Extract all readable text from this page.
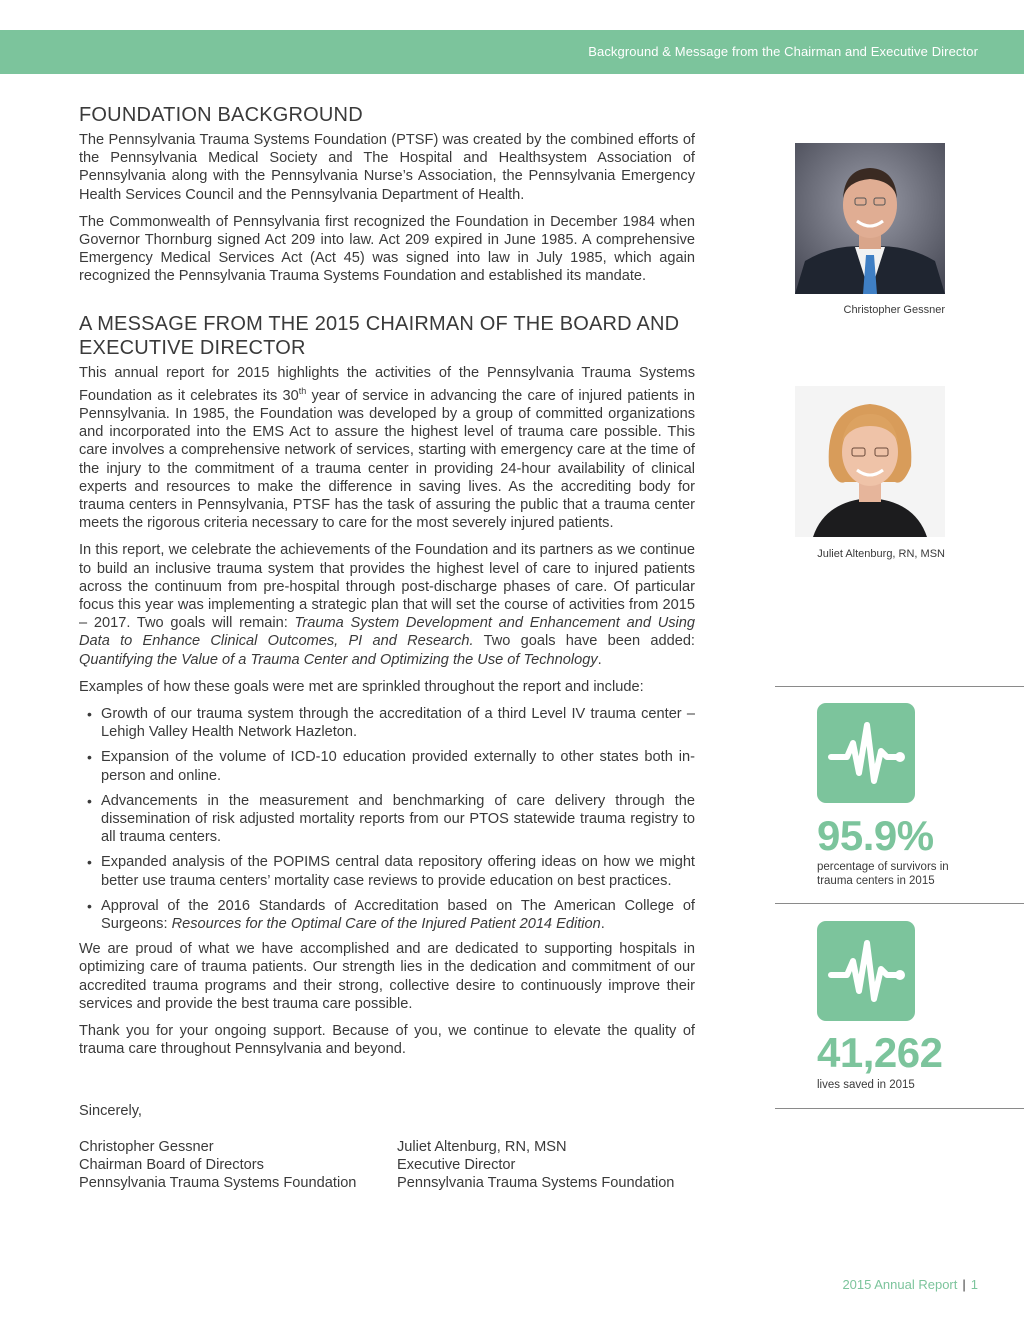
Background & Message from the Chairman and Executive Director
FOUNDATION BACKGROUND

The Pennsylvania Trauma Systems Foundation (PTSF) was created by the combined efforts of the Pennsylvania Medical Society and The Hospital and Healthsystem Association of Pennsylvania along with the Pennsylvania Nurse’s Association, the Pennsylvania Emergency Health Services Council and the Pennsylvania Department of Health.

The Commonwealth of Pennsylvania first recognized the Foundation in December 1984 when Governor Thornburg signed Act 209 into law. Act 209 expired in June 1985. A comprehensive Emergency Medical Services Act (Act 45) was signed into law in July 1985, which again recognized the Pennsylvania Trauma Systems Foundation and established its mandate.

A MESSAGE FROM THE 2015 CHAIRMAN OF THE BOARD AND EXECUTIVE DIRECTOR

This annual report for 2015 highlights the activities of the Pennsylvania Trauma Systems Foundation as it celebrates its 30th year of service in advancing the care of injured patients in Pennsylvania. In 1985, the Foundation was developed by a group of committed organizations and incorporated into the EMS Act to assure the highest level of trauma care possible. This care involves a comprehensive network of services, starting with emergency care at the time of the injury to the commitment of a trauma center in providing 24-hour availability of clinical experts and resources to make the difference in saving lives. As the accrediting body for trauma centers in Pennsylvania, PTSF has the task of assuring the public that a trauma center meets the rigorous criteria necessary to care for the most severely injured patients.

In this report, we celebrate the achievements of the Foundation and its partners as we continue to build an inclusive trauma system that provides the highest level of care to injured patients across the continuum from pre-hospital through post-discharge phases of care. Of particular focus this year was implementing a strategic plan that will set the course of activities from 2015 – 2017. Two goals will remain: Trauma System Development and Enhancement and Using Data to Enhance Clinical Outcomes, PI and Research. Two goals have been added: Quantifying the Value of a Trauma Center and Optimizing the Use of Technology.

Examples of how these goals were met are sprinkled throughout the report and include:

• Growth of our trauma system through the accreditation of a third Level IV trauma center – Lehigh Valley Health Network Hazleton.
• Expansion of the volume of ICD-10 education provided externally to other states both in-person and online.
• Advancements in the measurement and benchmarking of care delivery through the dissemination of risk adjusted mortality reports from our PTOS statewide trauma registry to all trauma centers.
• Expanded analysis of the POPIMS central data repository offering ideas on how we might better use trauma centers’ mortality case reviews to provide education on best practices.
• Approval of the 2016 Standards of Accreditation based on The American College of Surgeons: Resources for the Optimal Care of the Injured Patient 2014 Edition.

We are proud of what we have accomplished and are dedicated to supporting hospitals in optimizing care of trauma patients. Our strength lies in the dedication and commitment of our accredited trauma programs and their strong, collective desire to continuously improve their services and provide the best trauma care possible.

Thank you for your ongoing support. Because of you, we continue to elevate the quality of trauma care throughout Pennsylvania and beyond.

Sincerely,
Christopher Gessner
Chairman Board of Directors
Pennsylvania Trauma Systems Foundation
Juliet Altenburg, RN, MSN
Executive Director
Pennsylvania Trauma Systems Foundation
Christopher Gessner
Juliet Altenburg, RN, MSN
95.9%
percentage of survivors in trauma centers in 2015
41,262
lives saved in 2015
2015 Annual Report | 1
